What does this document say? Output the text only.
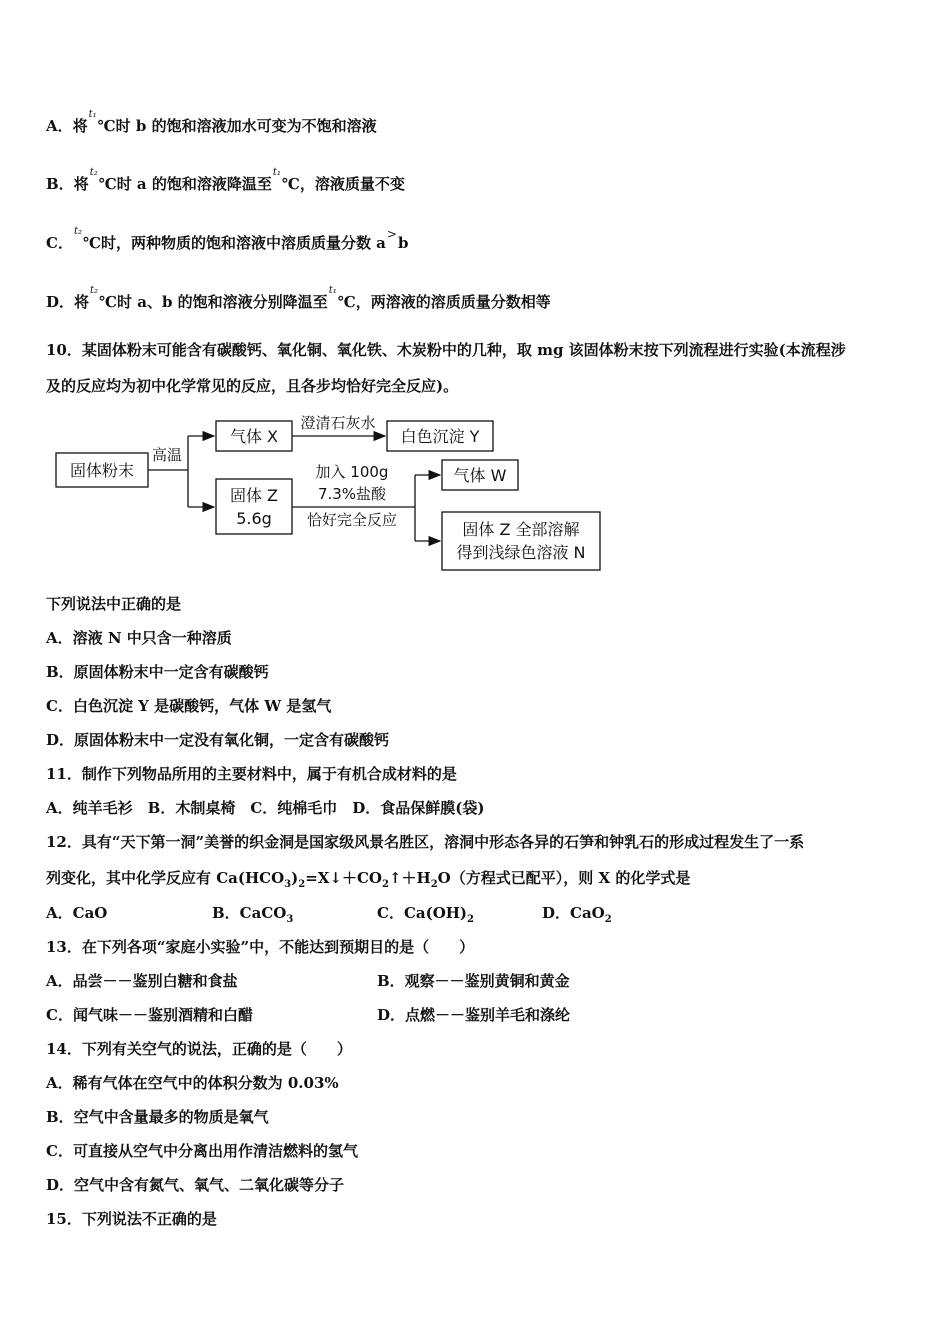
A．将$^{t_1}$℃时 b 的饱和溶液加水可变为不饱和溶液
B．将$^{t_2}$℃时 a 的饱和溶液降温至$^{t_1}$℃，溶液质量不变
C．$^{t_2}$℃时，两种物质的饱和溶液中溶质质量分数 a>b
D．将$^{t_2}$℃时 a、b 的饱和溶液分别降温至$^{t_1}$℃，两溶液的溶质质量分数相等
10．某固体粉末可能含有碳酸钙、氧化铜、氧化铁、木炭粉中的几种，取 mg 该固体粉末按下列流程进行实验(本流程涉
及的反应均为初中化学常见的反应，且各步均恰好完全反应)。
固体粉末
高温
气体 X
澄清石灰水
白色沉淀 Y
固体 Z
5.6g
加入 100g
7.3%盐酸
恰好完全反应
气体 W
固体 Z 全部溶解
得到浅绿色溶液 N
下列说法中正确的是
A．溶液 N 中只含一种溶质
B．原固体粉末中一定含有碳酸钙
C．白色沉淀 Y 是碳酸钙，气体 W 是氢气
D．原固体粉末中一定没有氧化铜，一定含有碳酸钙
11．制作下列物品所用的主要材料中，属于有机合成材料的是
A．纯羊毛衫　B．木制桌椅　C．纯棉毛巾　D．食品保鲜膜(袋)
12．具有“天下第一洞”美誉的织金洞是国家级风景名胜区，溶洞中形态各异的石笋和钟乳石的形成过程发生了一系
列变化，其中化学反应有 $Ca(HCO_3)_2=X↓+CO_2↑+H_2O$（方程式已配平），则 X 的化学式是
A．CaO	B．CaCO$_3$	C．$Ca(OH)_2$	D．CaO$_2$
13．在下列各项“家庭小实验”中，不能达到预期目的是（　　）
A．品尝－－鉴别白糖和食盐	B．观察－－鉴别黄铜和黄金
C．闻气味－－鉴别酒精和白醋	D．点燃－－鉴别羊毛和涤纶
14．下列有关空气的说法，正确的是（　　）
A．稀有气体在空气中的体积分数为 0.03%
B．空气中含量最多的物质是氧气
C．可直接从空气中分离出用作清洁燃料的氢气
D．空气中含有氮气、氧气、二氧化碳等分子
15．下列说法不正确的是
